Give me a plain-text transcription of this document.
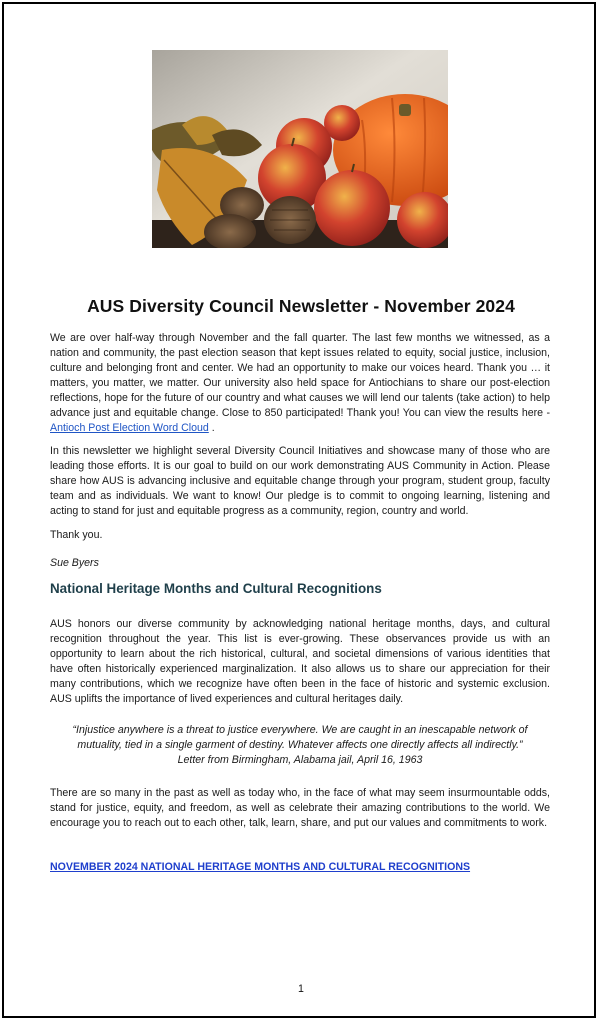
AUS Diversity Council Newsletter - November 2024
We are over half-way through November and the fall quarter. The last few months we witnessed, as a nation and community, the past election season that kept issues related to equity, social justice, inclusion, culture and belonging front and center. We had an opportunity to make our voices heard. Thank you … it matters, you matter, we matter. Our university also held space for Antiochians to share our post-election reflections, hope for the future of our country and what causes we will lend our talents (take action) to help advance just and equitable change. Close to 850 participated! Thank you! You can view the results here - Antioch Post Election Word Cloud .
In this newsletter we highlight several Diversity Council Initiatives and showcase many of those who are leading those efforts. It is our goal to build on our work demonstrating AUS Community in Action. Please share how AUS is advancing inclusive and equitable change through your program, student group, faculty team and as individuals. We want to know! Our pledge is to commit to ongoing learning, listening and acting to stand for just and equitable progress as a community, region, country and world.
Thank you.
Sue Byers
National Heritage Months and Cultural Recognitions
AUS honors our diverse community by acknowledging national heritage months, days, and cultural recognition throughout the year. This list is ever-growing. These observances provide us with an opportunity to learn about the rich historical, cultural, and societal dimensions of various identities that have often historically experienced marginalization. It also allows us to share our appreciation for their many contributions, which we recognize have often been in the face of historic and systemic exclusion. AUS uplifts the importance of lived experiences and cultural heritages daily.
“Injustice anywhere is a threat to justice everywhere. We are caught in an inescapable network of
mutuality, tied in a single garment of destiny. Whatever affects one directly affects all indirectly.”
Letter from Birmingham, Alabama jail, April 16, 1963
There are so many in the past as well as today who, in the face of what may seem insurmountable odds, stand for justice, equity, and freedom, as well as celebrate their amazing contributions to the world. We encourage you to reach out to each other, talk, learn, share, and put our values and commitments to work.
NOVEMBER 2024 NATIONAL HERITAGE MONTHS AND CULTURAL RECOGNITIONS
1
